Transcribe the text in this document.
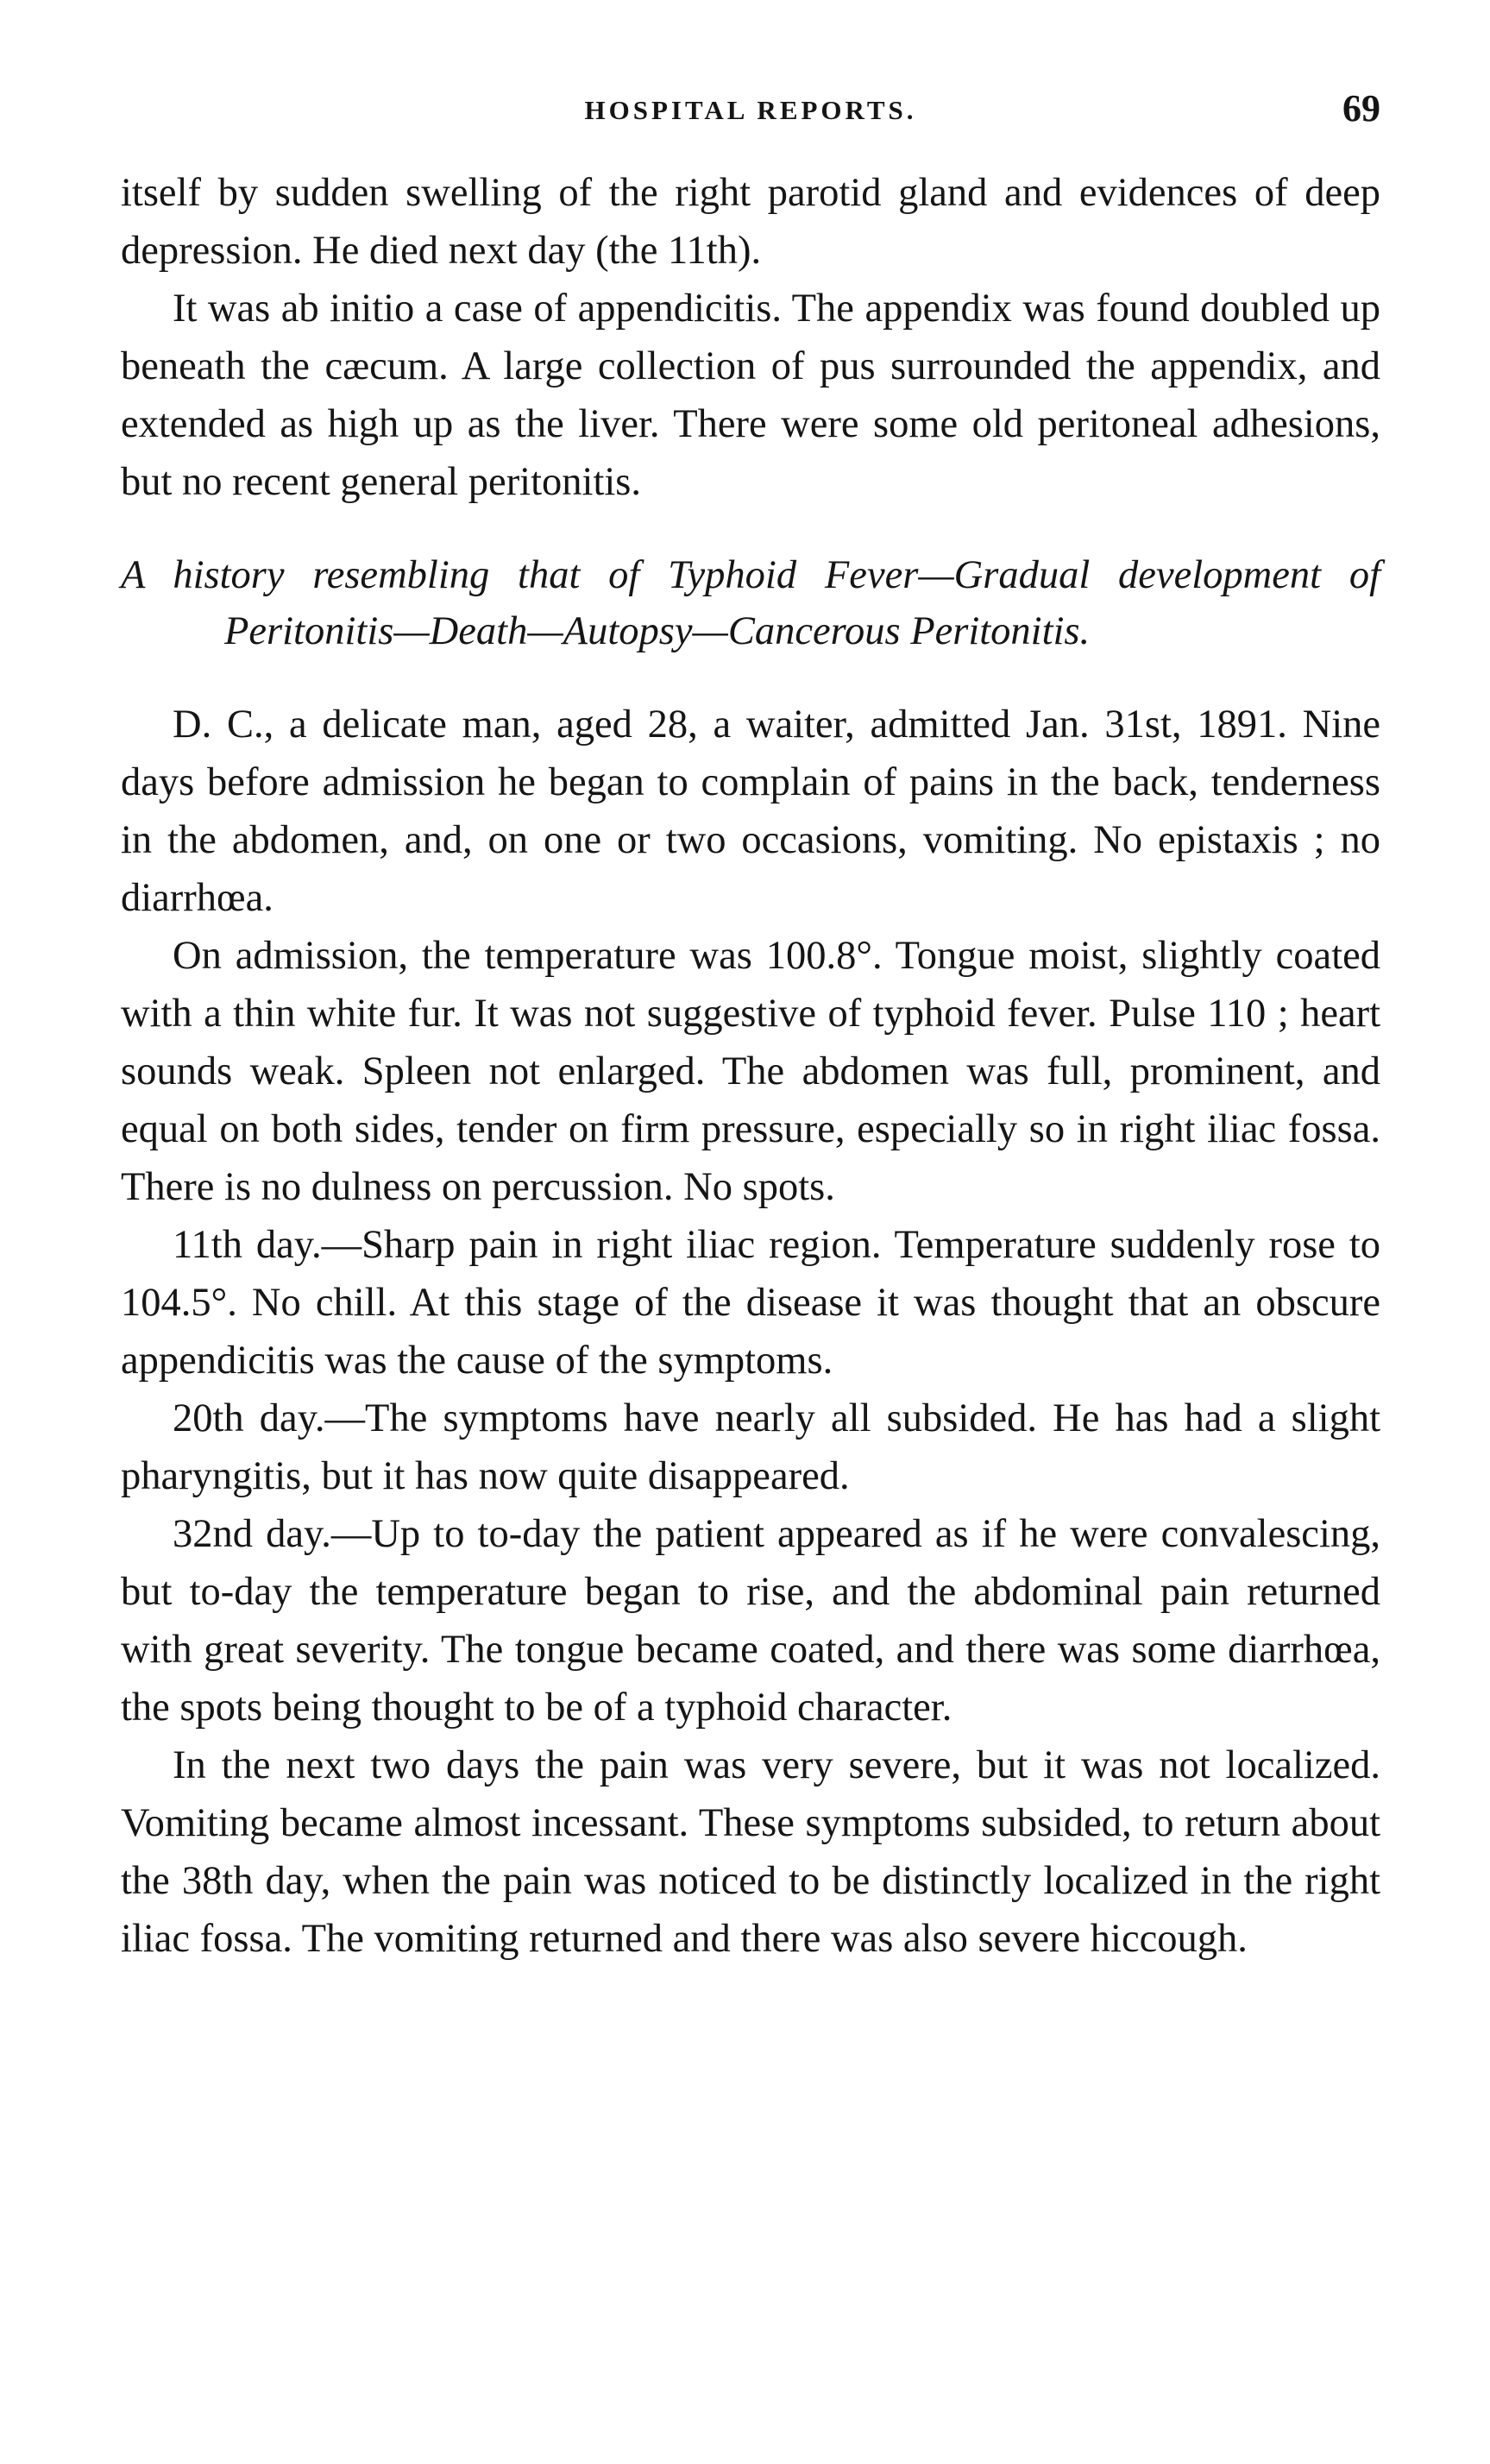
HOSPITAL REPORTS.	69

itself by sudden swelling of the right parotid gland and evidences of deep depression. He died next day (the 11th).

It was ab initio a case of appendicitis. The appendix was found doubled up beneath the cæcum. A large collection of pus surrounded the appendix, and extended as high up as the liver. There were some old peritoneal adhesions, but no recent general peritonitis.

A history resembling that of Typhoid Fever—Gradual development of Peritonitis—Death—Autopsy—Cancerous Peritonitis.

D. C., a delicate man, aged 28, a waiter, admitted Jan. 31st, 1891. Nine days before admission he began to complain of pains in the back, tenderness in the abdomen, and, on one or two occasions, vomiting. No epistaxis ; no diarrhœa.

On admission, the temperature was 100.8°. Tongue moist, slightly coated with a thin white fur. It was not suggestive of typhoid fever. Pulse 110 ; heart sounds weak. Spleen not enlarged. The abdomen was full, prominent, and equal on both sides, tender on firm pressure, especially so in right iliac fossa. There is no dulness on percussion. No spots.

11th day.—Sharp pain in right iliac region. Temperature suddenly rose to 104.5°. No chill. At this stage of the disease it was thought that an obscure appendicitis was the cause of the symptoms.

20th day.—The symptoms have nearly all subsided. He has had a slight pharyngitis, but it has now quite disappeared.

32nd day.—Up to to-day the patient appeared as if he were convalescing, but to-day the temperature began to rise, and the abdominal pain returned with great severity. The tongue became coated, and there was some diarrhœa, the spots being thought to be of a typhoid character.

In the next two days the pain was very severe, but it was not localized. Vomiting became almost incessant. These symptoms subsided, to return about the 38th day, when the pain was noticed to be distinctly localized in the right iliac fossa. The vomiting returned and there was also severe hiccough.
